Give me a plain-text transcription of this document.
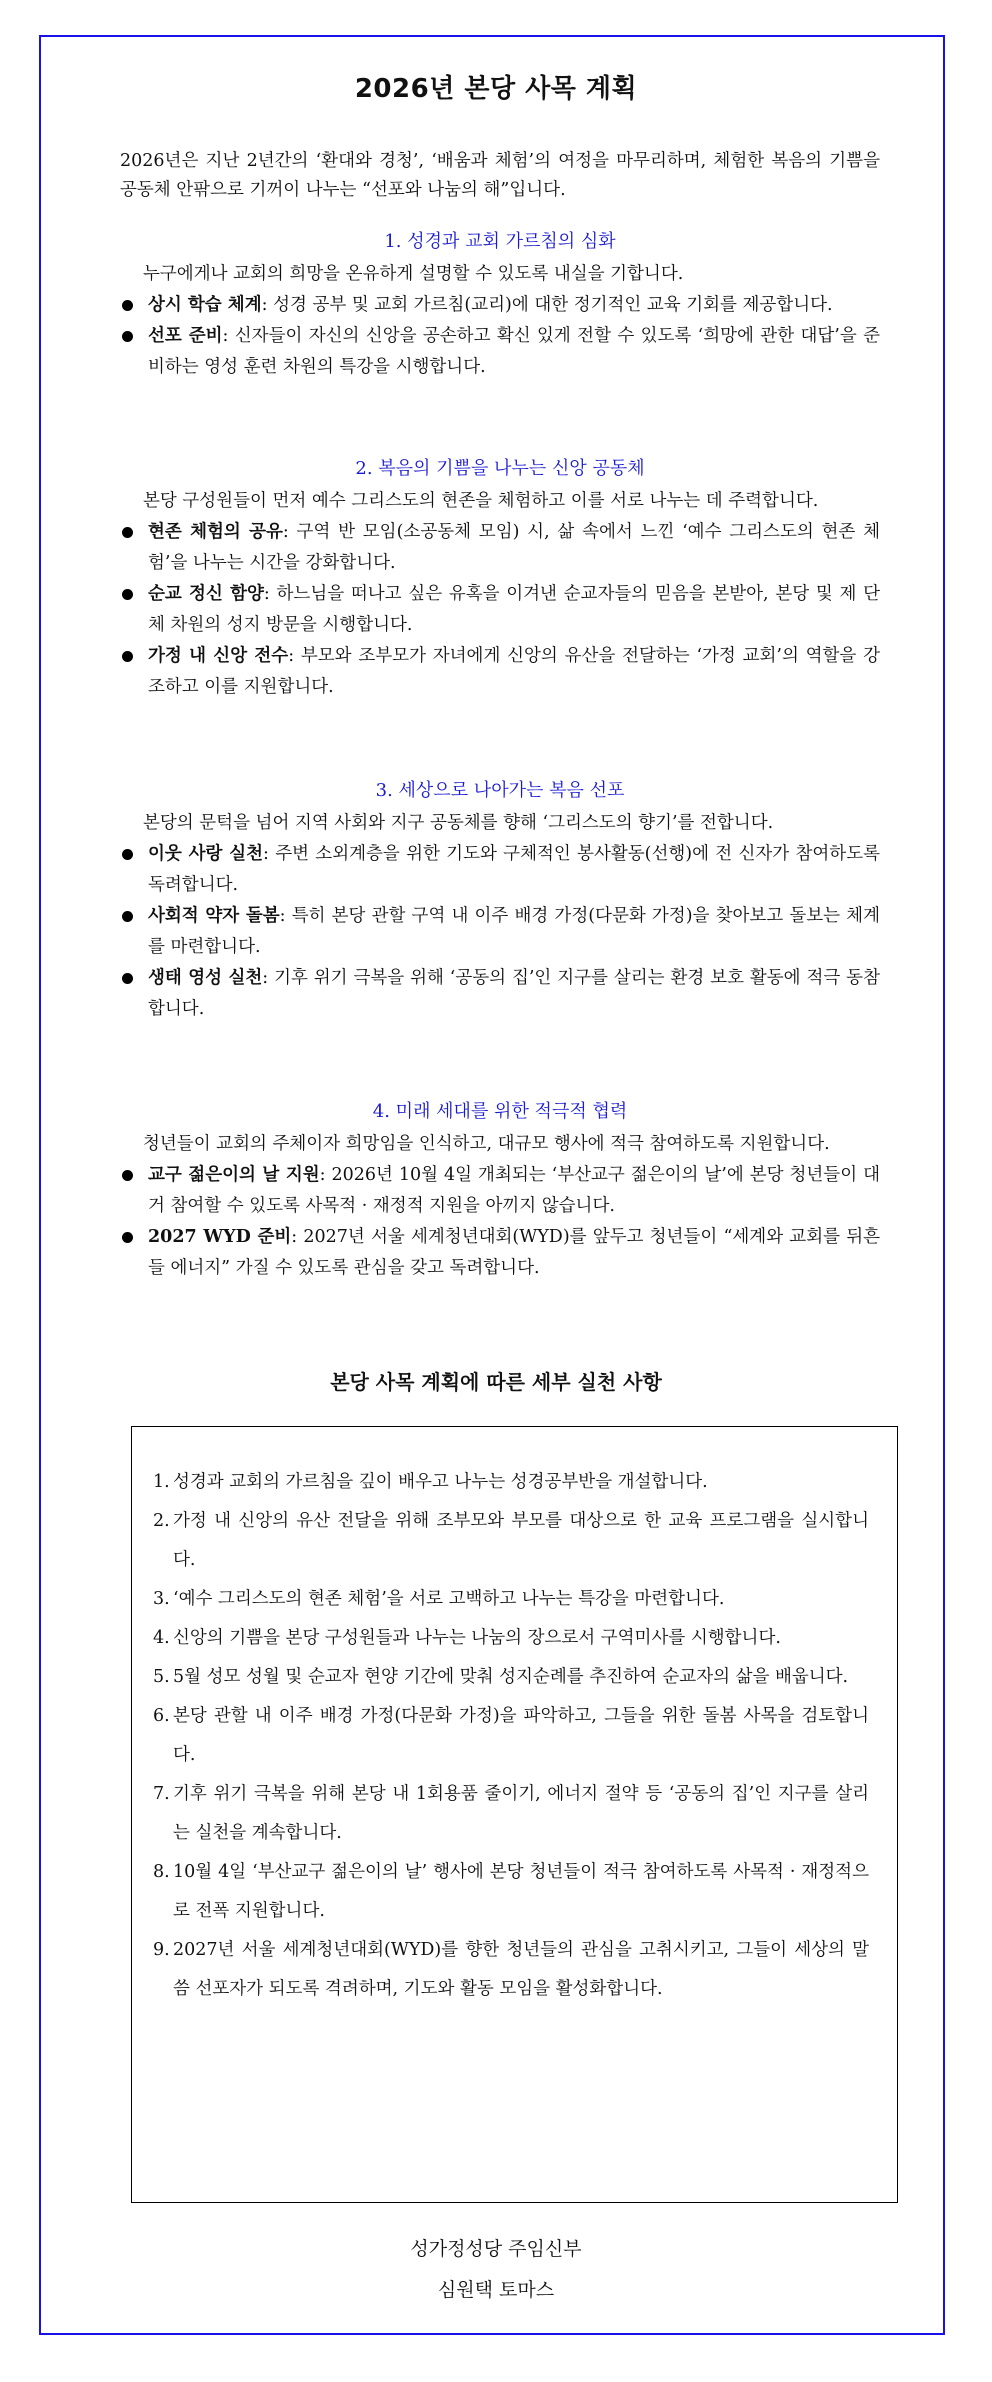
2026년 본당 사목 계획
2026년은 지난 2년간의 ‘환대와 경청’, ‘배움과 체험’의 여정을 마무리하며, 체험한 복음의 기쁨을 공동체 안팎으로 기꺼이 나누는 “선포와 나눔의 해”입니다.
1. 성경과 교회 가르침의 심화
누구에게나 교회의 희망을 온유하게 설명할 수 있도록 내실을 기합니다.
상시 학습 체계: 성경 공부 및 교회 가르침(교리)에 대한 정기적인 교육 기회를 제공합니다.
선포 준비: 신자들이 자신의 신앙을 공손하고 확신 있게 전할 수 있도록 ‘희망에 관한 대답’을 준비하는 영성 훈련 차원의 특강을 시행합니다.
2. 복음의 기쁨을 나누는 신앙 공동체
본당 구성원들이 먼저 예수 그리스도의 현존을 체험하고 이를 서로 나누는 데 주력합니다.
현존 체험의 공유: 구역 반 모임(소공동체 모임) 시, 삶 속에서 느낀 ‘예수 그리스도의 현존 체험’을 나누는 시간을 강화합니다.
순교 정신 함양: 하느님을 떠나고 싶은 유혹을 이겨낸 순교자들의 믿음을 본받아, 본당 및 제 단체 차원의 성지 방문을 시행합니다.
가정 내 신앙 전수: 부모와 조부모가 자녀에게 신앙의 유산을 전달하는 ‘가정 교회’의 역할을 강조하고 이를 지원합니다.
3. 세상으로 나아가는 복음 선포
본당의 문턱을 넘어 지역 사회와 지구 공동체를 향해 ‘그리스도의 향기’를 전합니다.
이웃 사랑 실천: 주변 소외계층을 위한 기도와 구체적인 봉사활동(선행)에 전 신자가 참여하도록 독려합니다.
사회적 약자 돌봄: 특히 본당 관할 구역 내 이주 배경 가정(다문화 가정)을 찾아보고 돌보는 체계를 마련합니다.
생태 영성 실천: 기후 위기 극복을 위해 ‘공동의 집’인 지구를 살리는 환경 보호 활동에 적극 동참합니다.
4. 미래 세대를 위한 적극적 협력
청년들이 교회의 주체이자 희망임을 인식하고, 대규모 행사에 적극 참여하도록 지원합니다.
교구 젊은이의 날 지원: 2026년 10월 4일 개최되는 ‘부산교구 젊은이의 날’에 본당 청년들이 대거 참여할 수 있도록 사목적 · 재정적 지원을 아끼지 않습니다.
2027 WYD 준비: 2027년 서울 세계청년대회(WYD)를 앞두고 청년들이 “세계와 교회를 뒤흔들 에너지” 가질 수 있도록 관심을 갖고 독려합니다.
본당 사목 계획에 따른 세부 실천 사항
1. 성경과 교회의 가르침을 깊이 배우고 나누는 성경공부반을 개설합니다.
2. 가정 내 신앙의 유산 전달을 위해 조부모와 부모를 대상으로 한 교육 프로그램을 실시합니다.
3. ‘예수 그리스도의 현존 체험’을 서로 고백하고 나누는 특강을 마련합니다.
4. 신앙의 기쁨을 본당 구성원들과 나누는 나눔의 장으로서 구역미사를 시행합니다.
5. 5월 성모 성월 및 순교자 현양 기간에 맞춰 성지순례를 추진하여 순교자의 삶을 배웁니다.
6. 본당 관할 내 이주 배경 가정(다문화 가정)을 파악하고, 그들을 위한 돌봄 사목을 검토합니다.
7. 기후 위기 극복을 위해 본당 내 1회용품 줄이기, 에너지 절약 등 ‘공동의 집’인 지구를 살리는 실천을 계속합니다.
8. 10월 4일 ‘부산교구 젊은이의 날’ 행사에 본당 청년들이 적극 참여하도록 사목적 · 재정적으로 전폭 지원합니다.
9. 2027년 서울 세계청년대회(WYD)를 향한 청년들의 관심을 고취시키고, 그들이 세상의 말씀 선포자가 되도록 격려하며, 기도와 활동 모임을 활성화합니다.
성가정성당 주임신부
심원택 토마스
